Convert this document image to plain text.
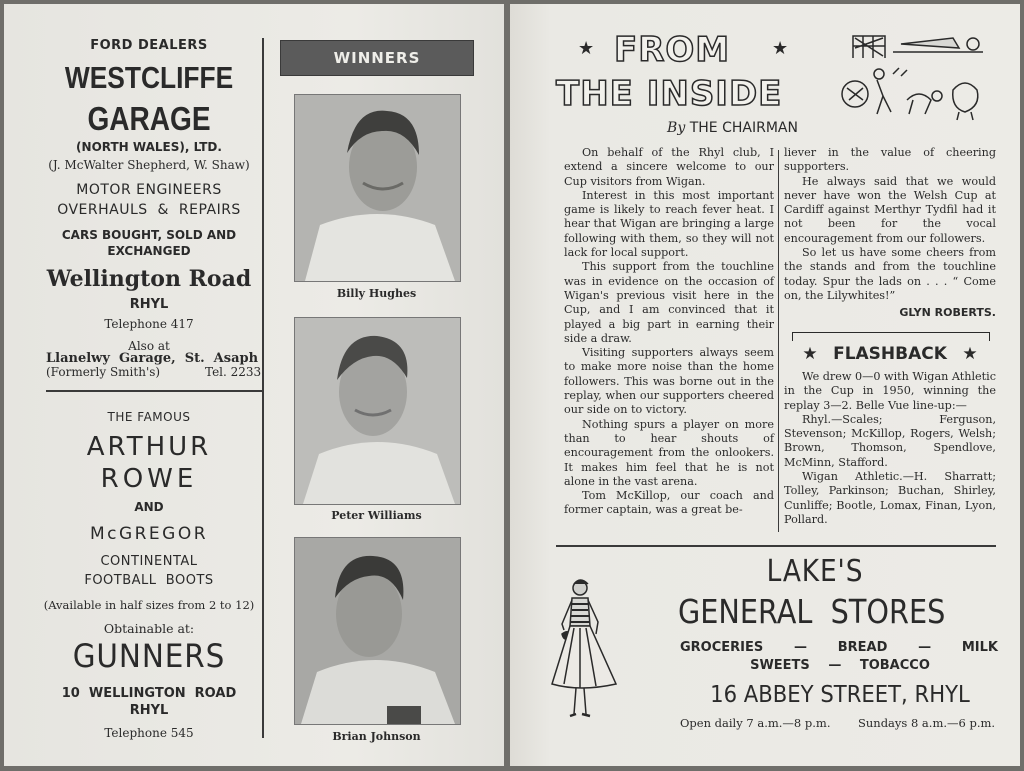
FORD DEALERS
WESTCLIFFE
GARAGE
(NORTH WALES), LTD.
(J. McWalter Shepherd, W. Shaw)
MOTOR ENGINEERS
OVERHAULS  &  REPAIRS
CARS BOUGHT, SOLD AND
EXCHANGED
Wellington Road
RHYL
Telephone 417
Also at
Llanelwy  Garage,  St.  Asaph
(Formerly Smith's)	Tel. 2233
THE FAMOUS
ARTHUR
ROWE
AND
McGREGOR
CONTINENTAL
FOOTBALL  BOOTS
(Available in half sizes from 2 to 12)
Obtainable at:
GUNNERS
10  WELLINGTON  ROAD
RHYL
Telephone 545
WINNERS
Billy Hughes
Peter Williams
Brian Johnson
★ FROM ★
THE INSIDE
By THE CHAIRMAN

On behalf of the Rhyl club, I extend a sincere welcome to our Cup visitors from Wigan.

Interest in this most important game is likely to reach fever heat. I hear that Wigan are bringing a large following with them, so they will not lack for local support.

This support from the touchline was in evidence on the occasion of Wigan's previous visit here in the Cup, and I am convinced that it played a big part in earning their side a draw.

Visiting supporters always seem to make more noise than the home followers. This was borne out in the replay, when our supporters cheered our side on to victory.

Nothing spurs a player on more than to hear shouts of encouragement from the onlookers. It makes him feel that he is not alone in the vast arena.

Tom McKillop, our coach and former captain, was a great be-

liever in the value of cheering supporters.

He always said that we would never have won the Welsh Cup at Cardiff against Merthyr Tydfil had it not been for the vocal encouragement from our followers.

So let us have some cheers from the stands and from the touchline today. Spur the lads on . . . “ Come on, the Lilywhites!”

GLYN ROBERTS.
★ FLASHBACK ★

We drew 0—0 with Wigan Athletic in the Cup in 1950, winning the replay 3—2. Belle Vue line-up:—

Rhyl.—Scales; Ferguson, Stevenson; McKillop, Rogers, Welsh; Brown, Thomson, Spendlove, McMinn, Stafford.

Wigan Athletic.—H. Sharratt; Tolley, Parkinson; Buchan, Shirley, Cunliffe; Bootle, Lomax, Finan, Lyon, Pollard.

LAKE'S
GENERAL  STORES
GROCERIES — BREAD — MILK
SWEETS — TOBACCO
16 ABBEY STREET, RHYL
Open daily 7 a.m.—8 p.m. Sundays 8 a.m.—6 p.m.
